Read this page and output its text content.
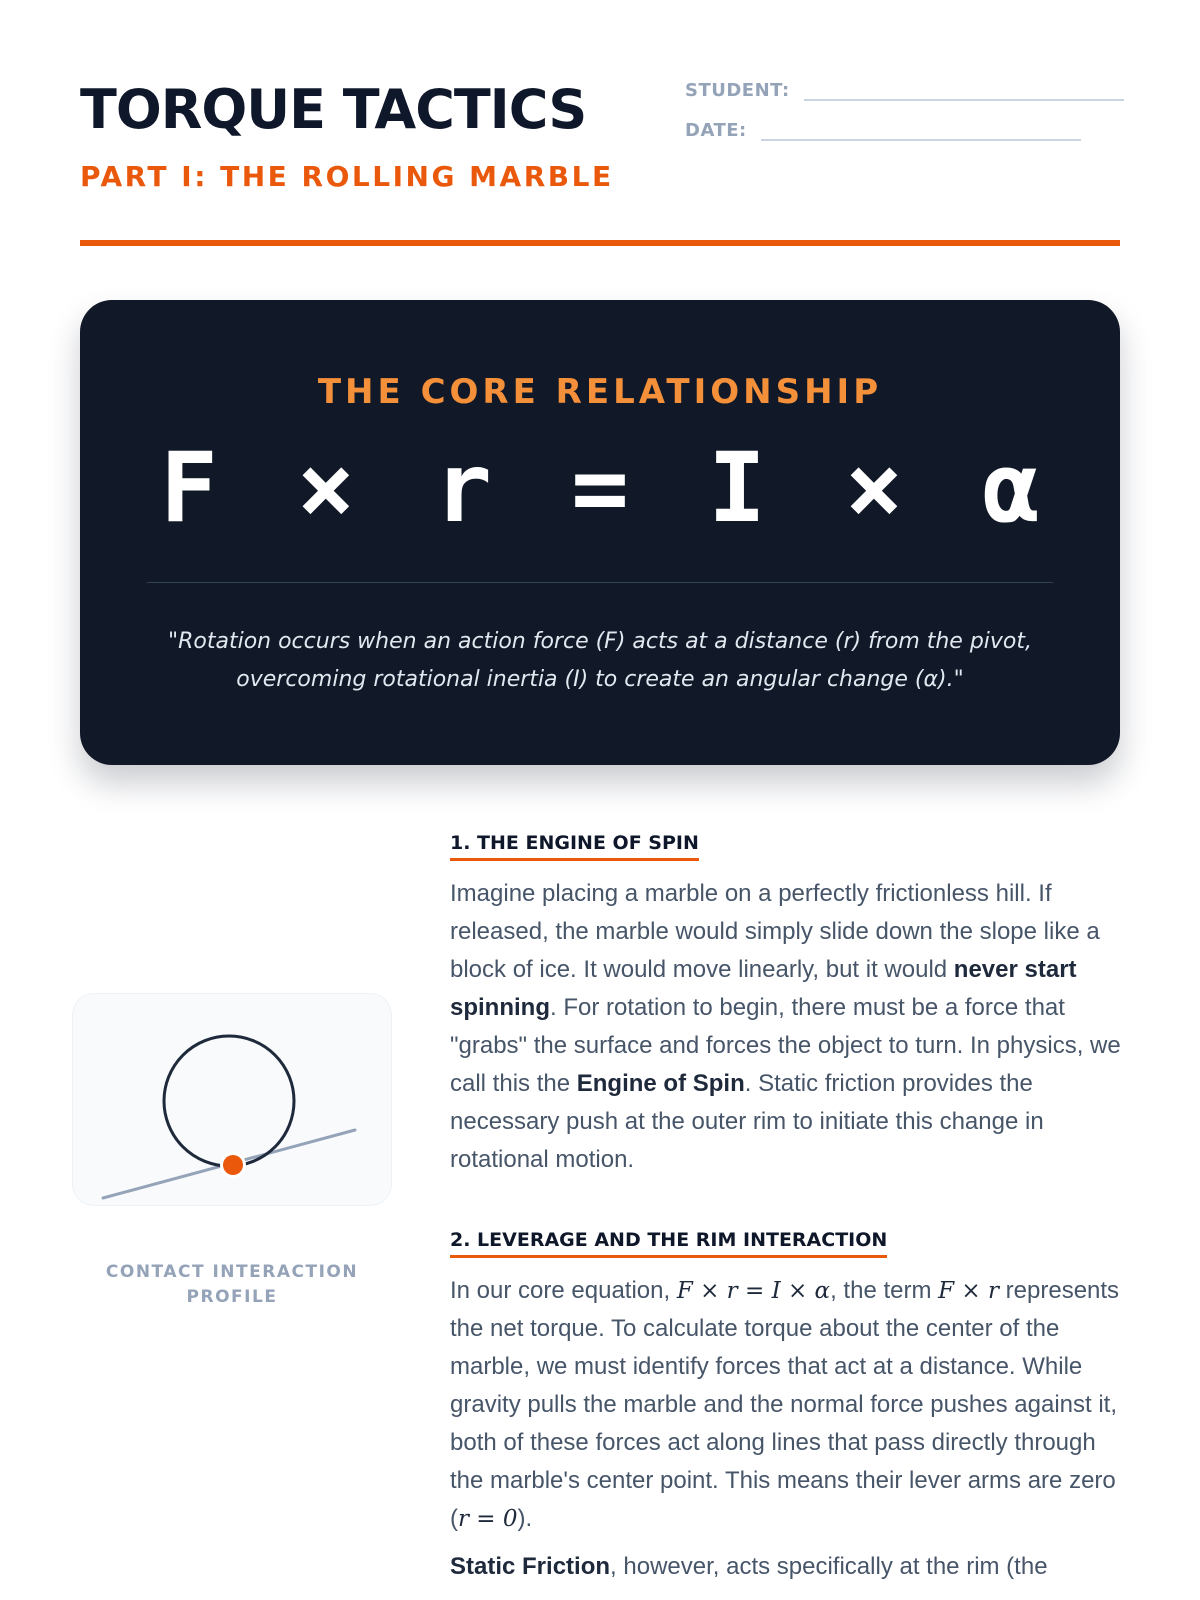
TORQUE TACTICS
PART I: THE ROLLING MARBLE
STUDENT:
DATE:
THE CORE RELATIONSHIP
F × r = I × α

"Rotation occurs when an action force (F) acts at a distance (r) from the pivot, overcoming rotational inertia (I) to create an angular change (α)."

CONTACT INTERACTION PROFILE
1. THE ENGINE OF SPIN

Imagine placing a marble on a perfectly frictionless hill. If released, the marble would simply slide down the slope like a block of ice. It would move linearly, but it would never start spinning. For rotation to begin, there must be a force that "grabs" the surface and forces the object to turn. In physics, we call this the Engine of Spin. Static friction provides the necessary push at the outer rim to initiate this change in rotational motion.

2. LEVERAGE AND THE RIM INTERACTION

In our core equation, F × r = I × α, the term F × r represents the net torque. To calculate torque about the center of the marble, we must identify forces that act at a distance. While gravity pulls the marble and the normal force pushes against it, both of these forces act along lines that pass directly through the marble's center point. This means their lever arms are zero (r = 0).

Static Friction, however, acts specifically at the rim (the
